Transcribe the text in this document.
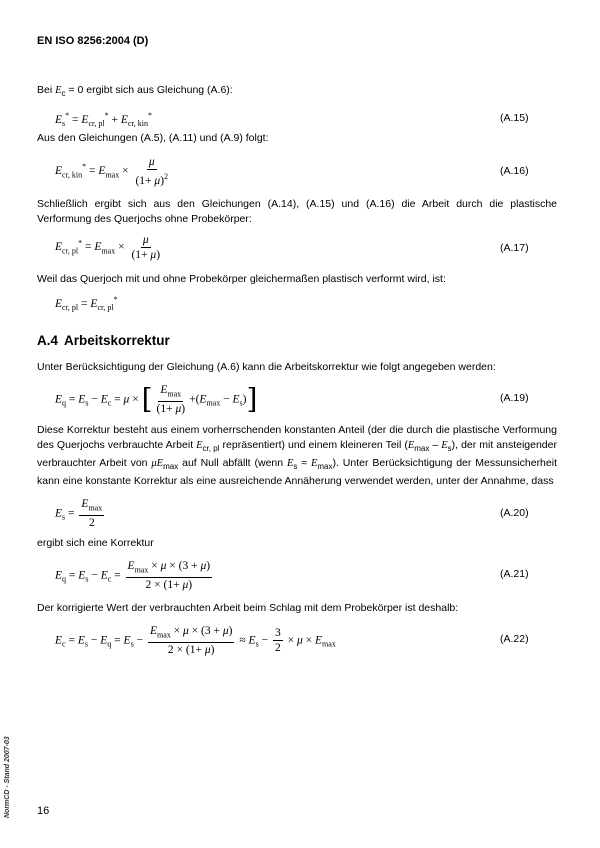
EN ISO 8256:2004 (D)
Bei $E_c = 0$ ergibt sich aus Gleichung (A.6):
$E_s^* = E_{cr, pl}^* + E_{cr, kin}^*$	(A.15)
Aus den Gleichungen (A.5), (A.11) und (A.9) folgt:
$E_{cr, kin}^* = E_{max} \times \frac{\mu}{(1+ \mu)^2}$	(A.16)
Schließlich ergibt sich aus den Gleichungen (A.14), (A.15) und (A.16) die Arbeit durch die plastische Verformung des Querjochs ohne Probekörper:
$E_{cr, pl}^* = E_{max} \times \frac{\mu}{(1+ \mu)}$	(A.17)
Weil das Querjoch mit und ohne Probekörper gleichermaßen plastisch verformt wird, ist:
$E_{cr, pl} = E_{cr, pl}^*$
A.4 Arbeitskorrektur
Unter Berücksichtigung der Gleichung (A.6) kann die Arbeitskorrektur wie folgt angegeben werden:
$E_q = E_s - E_c = \mu$ × [ $\frac{E_{max}}{(1+ \mu)} +(E_{max} - E_s)$]	(A.19)
Diese Korrektur besteht aus einem vorherrschenden konstanten Anteil (der die durch die plastische Verformung des Querjochs verbrauchte Arbeit $E_{cr, pl}$ repräsentiert) und einem kleineren Teil $(E_{max} - E_s)$, der mit ansteigender verbrauchter Arbeit von $\mu E_{max}$ auf Null abfällt (wenn $E_s \approx E_{max}$). Unter Berücksichtigung der Messunsicherheit kann eine konstante Korrektur als eine ausreichende Annäherung verwendet werden, unter der Annahme, dass
$E_s = \frac{E_{max}}{2}$	(A.20)
ergibt sich eine Korrektur
$E_q = E_s - E_c = \frac{E_{max} \times \mu \times (3 + \mu)}{2 \times (1+ \mu)}$	(A.21)
Der korrigierte Wert der verbrauchten Arbeit beim Schlag mit dem Probekörper ist deshalb:
$E_c = E_s - E_q = E_s - \frac{E_{max} \times \mu \times (3 + \mu)}{2 \times (1+ \mu)} \approx E_s - \frac{3}{2} \times \mu \times E_{max}$	(A.22)
NormCD - Stand 2007-03 16
